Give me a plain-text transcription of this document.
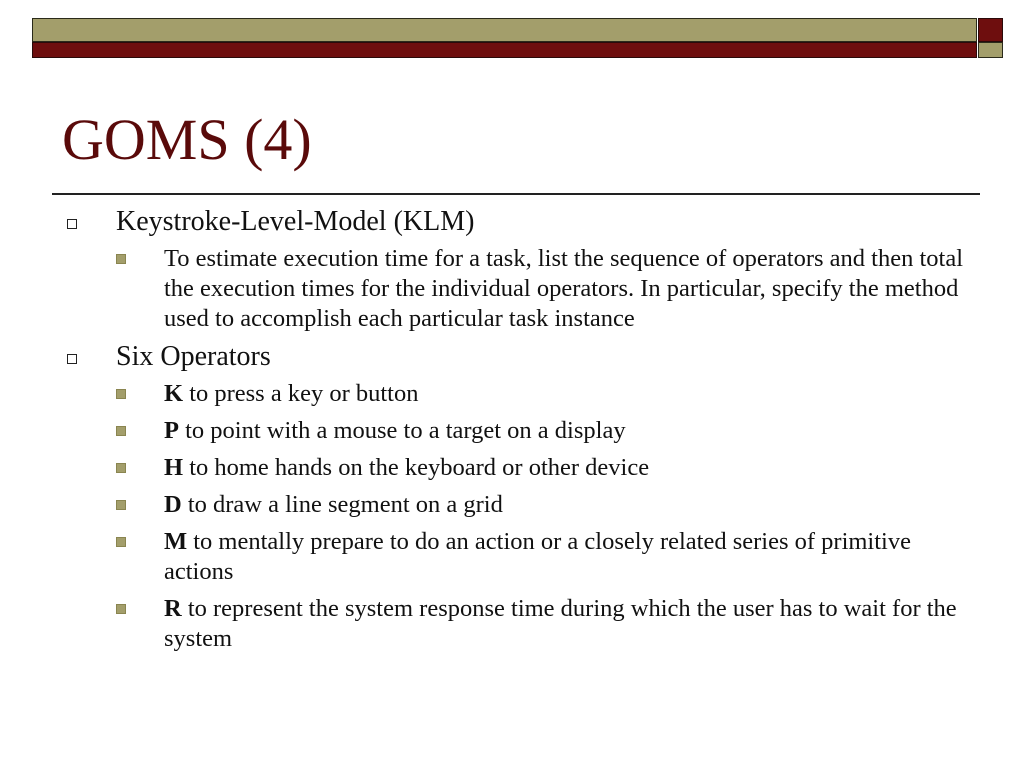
GOMS (4)
Keystroke-Level-Model (KLM)
To estimate execution time for a task, list the sequence of operators and then total the execution times for the individual operators. In particular, specify the method used to accomplish each particular task instance
Six Operators
K to press a key or button
P to point with a mouse to a target on a display
H to home hands on the keyboard or other device
D to draw a line segment on a grid
M to mentally prepare to do an action or a closely related series of primitive actions
R to represent the system response time during which the user has to wait for the system
